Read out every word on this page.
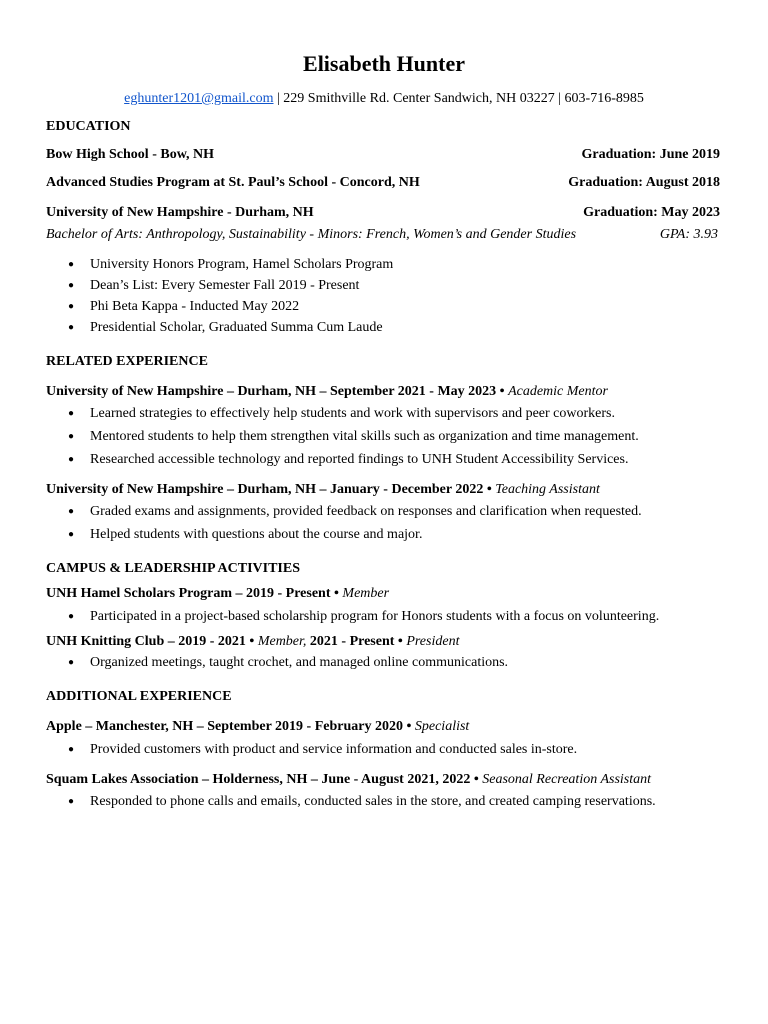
Elisabeth Hunter
eghunter1201@gmail.com | 229 Smithville Rd. Center Sandwich, NH 03227 | 603-716-8985
EDUCATION
Bow High School - Bow, NH	Graduation: June 2019
Advanced Studies Program at St. Paul’s School - Concord, NH	Graduation: August 2018
University of New Hampshire - Durham, NH	Graduation: May 2023
Bachelor of Arts: Anthropology, Sustainability - Minors: French, Women’s and Gender Studies	GPA: 3.93
● University Honors Program, Hamel Scholars Program
● Dean’s List: Every Semester Fall 2019 - Present
● Phi Beta Kappa - Inducted May 2022
● Presidential Scholar, Graduated Summa Cum Laude
RELATED EXPERIENCE
University of New Hampshire – Durham, NH – September 2021 - May 2023 • Academic Mentor
● Learned strategies to effectively help students and work with supervisors and peer coworkers.
● Mentored students to help them strengthen vital skills such as organization and time management.
● Researched accessible technology and reported findings to UNH Student Accessibility Services.
University of New Hampshire – Durham, NH – January - December 2022 • Teaching Assistant
● Graded exams and assignments, provided feedback on responses and clarification when requested.
● Helped students with questions about the course and major.
CAMPUS & LEADERSHIP ACTIVITIES
UNH Hamel Scholars Program – 2019 - Present • Member
● Participated in a project-based scholarship program for Honors students with a focus on volunteering.
UNH Knitting Club – 2019 - 2021 • Member, 2021 - Present • President
● Organized meetings, taught crochet, and managed online communications.
ADDITIONAL EXPERIENCE
Apple – Manchester, NH – September 2019 - February 2020 • Specialist
● Provided customers with product and service information and conducted sales in-store.
Squam Lakes Association – Holderness, NH – June - August 2021, 2022 • Seasonal Recreation Assistant
● Responded to phone calls and emails, conducted sales in the store, and created camping reservations.
